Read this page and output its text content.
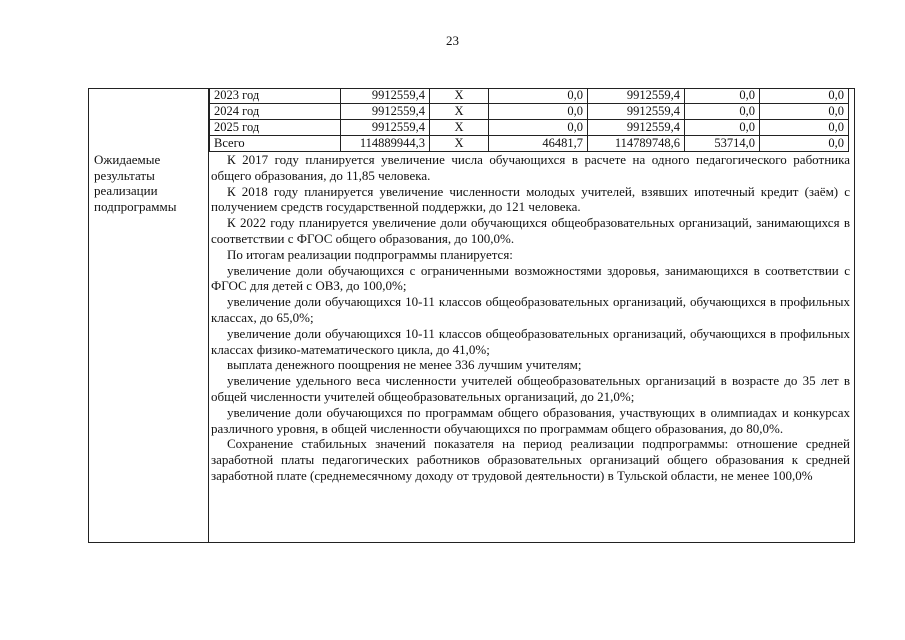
23
Ожидаемые результаты реализации подпрограммы
2023 год	9912559,4	X	0,0	9912559,4	0,0	0,0
2024 год	9912559,4	X	0,0	9912559,4	0,0	0,0
2025 год	9912559,4	X	0,0	9912559,4	0,0	0,0
Всего	114889944,3	X	46481,7	114789748,6	53714,0	0,0

К 2017 году планируется увеличение числа обучающихся в расчете на одного педагогического работника общего образования, до 11,85 человека.

К 2018 году планируется увеличение численности молодых учителей, взявших ипотечный кредит (заём) с получением средств государственной поддержки, до 121 человека.

К 2022 году планируется увеличение доли обучающихся общеобразовательных организаций, занимающихся в соответствии с ФГОС общего образования, до 100,0%.

По итогам реализации подпрограммы планируется:

увеличение доли обучающихся с ограниченными возможностями здоровья, занимающихся в соответствии с ФГОС для детей с ОВЗ, до 100,0%;

увеличение доли обучающихся 10-11 классов общеобразовательных организаций, обучающихся в профильных классах, до 65,0%;

увеличение доли обучающихся 10-11 классов общеобразовательных организаций, обучающихся в профильных классах физико-математического цикла, до 41,0%;

выплата денежного поощрения не менее 336 лучшим учителям;

увеличение удельного веса численности учителей общеобразовательных организаций в возрасте до 35 лет в общей численности учителей общеобразовательных организаций, до 21,0%;

увеличение доли обучающихся по программам общего образования, участвующих в олимпиадах и конкурсах различного уровня, в общей численности обучающихся по программам общего образования, до 80,0%.

Сохранение стабильных значений показателя на период реализации подпрограммы: отношение средней заработной платы педагогических работников образовательных организаций общего образования к средней заработной плате (среднемесячному доходу от трудовой деятельности) в Тульской области, не менее 100,0%
